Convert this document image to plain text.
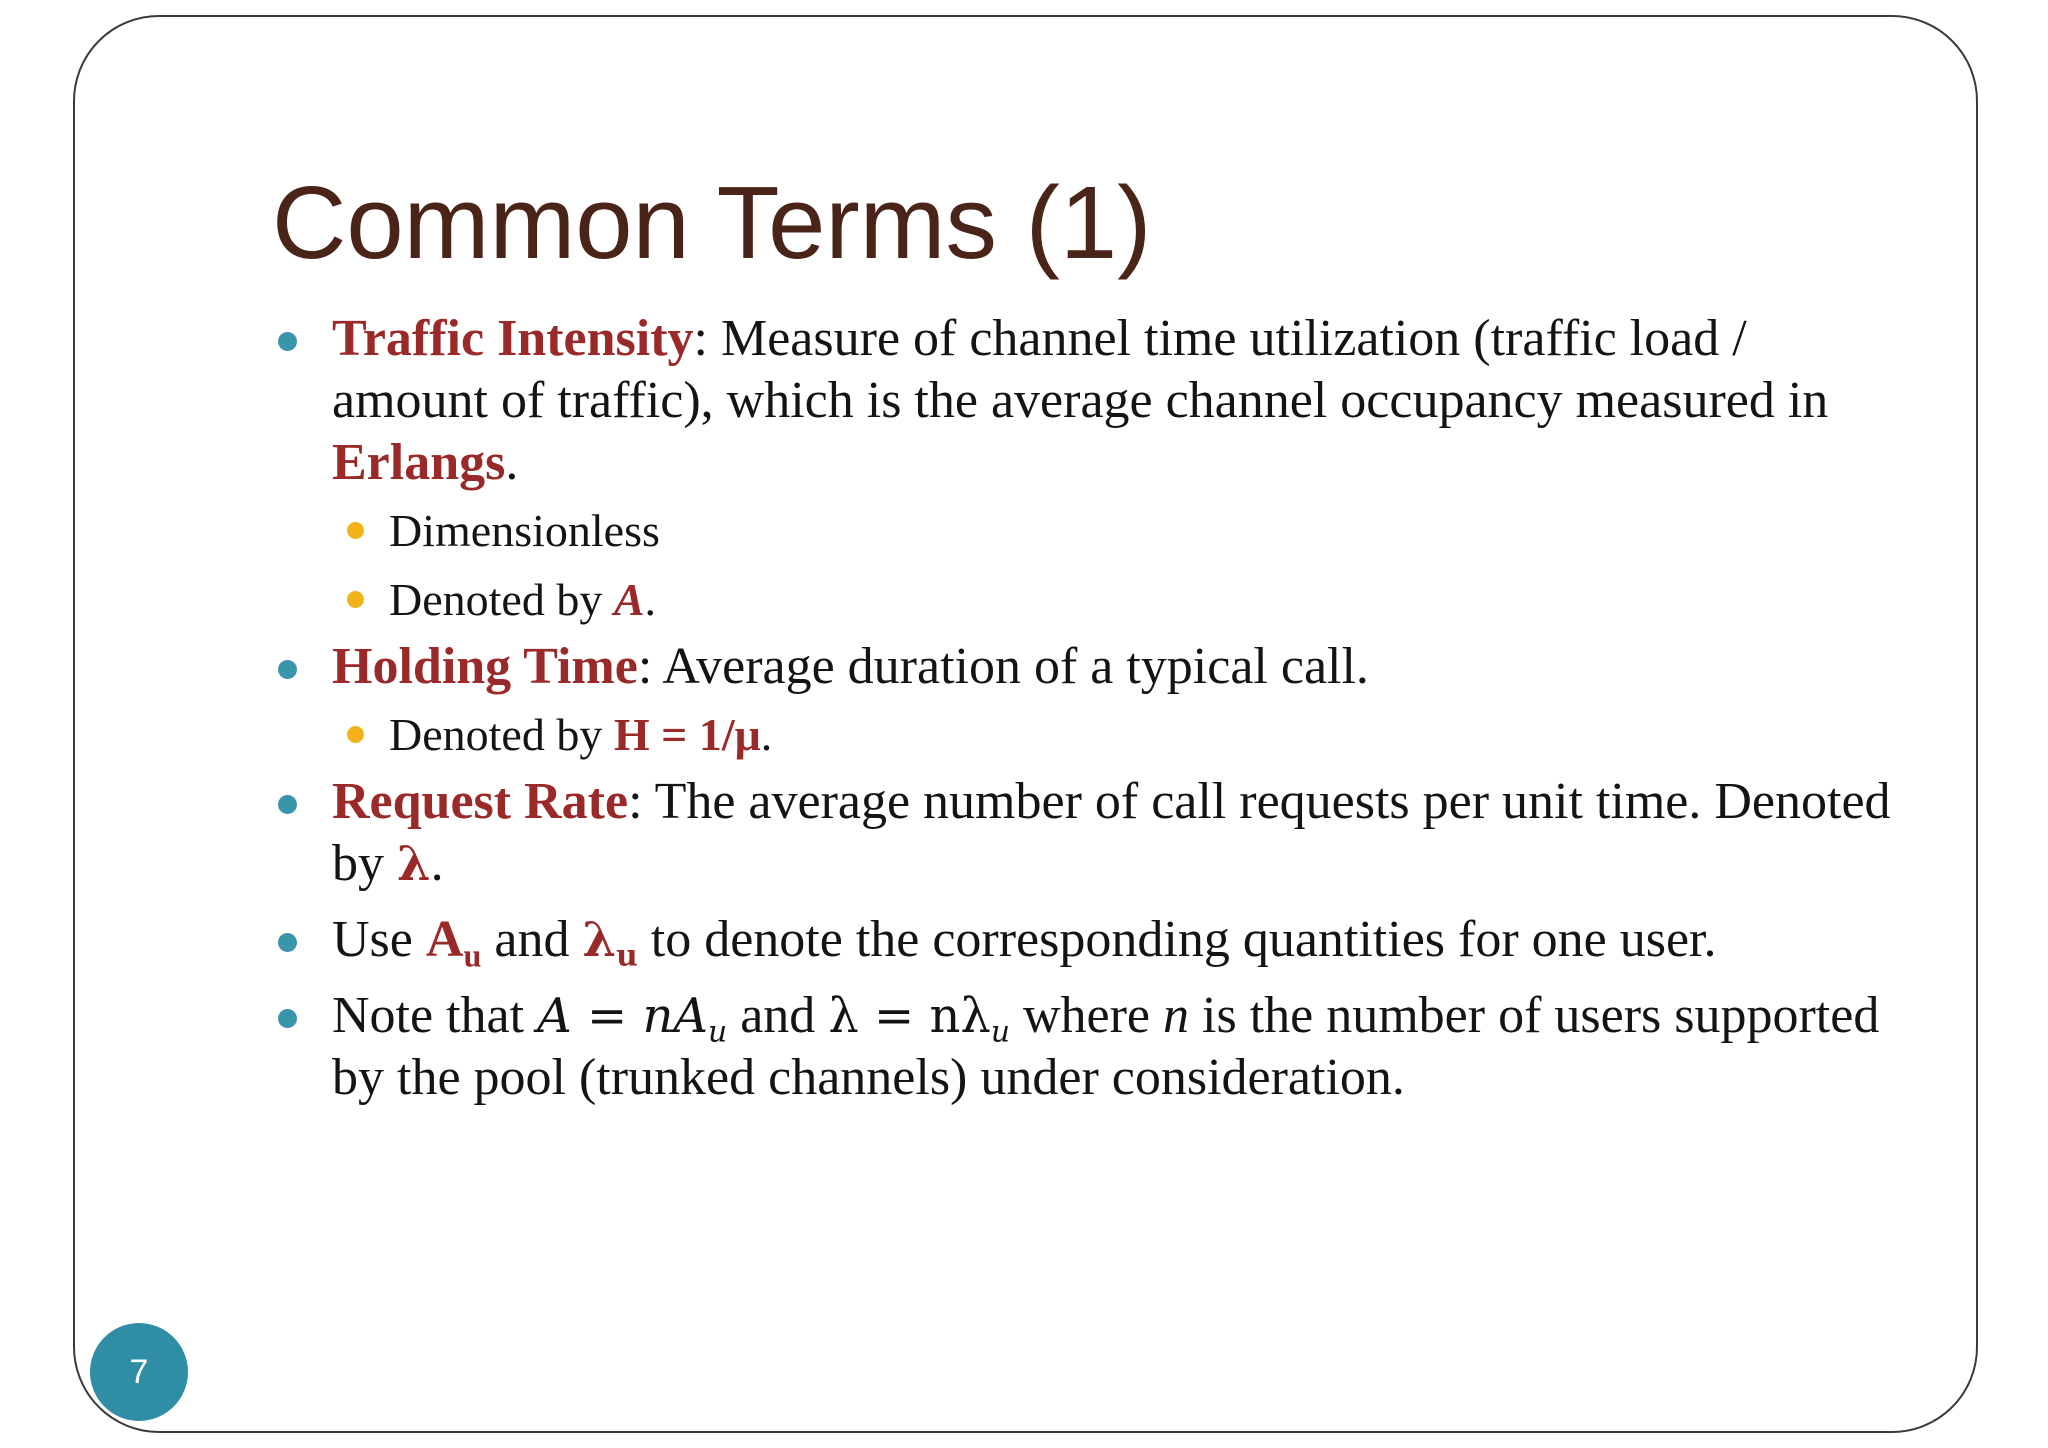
Common Terms (1)
Traffic Intensity: Measure of channel time utilization (traffic load / amount of traffic), which is the average channel occupancy measured in Erlangs.
Dimensionless
Denoted by A.
Holding Time: Average duration of a typical call.
Denoted by H = 1/μ.
Request Rate: The average number of call requests per unit time. Denoted by λ.
Use $A_u$ and $\lambda_u$ to denote the corresponding quantities for one user.
Note that $A = nA_u$ and $\lambda = n\lambda_u$ where n is the number of users supported by the pool (trunked channels) under consideration.
7
